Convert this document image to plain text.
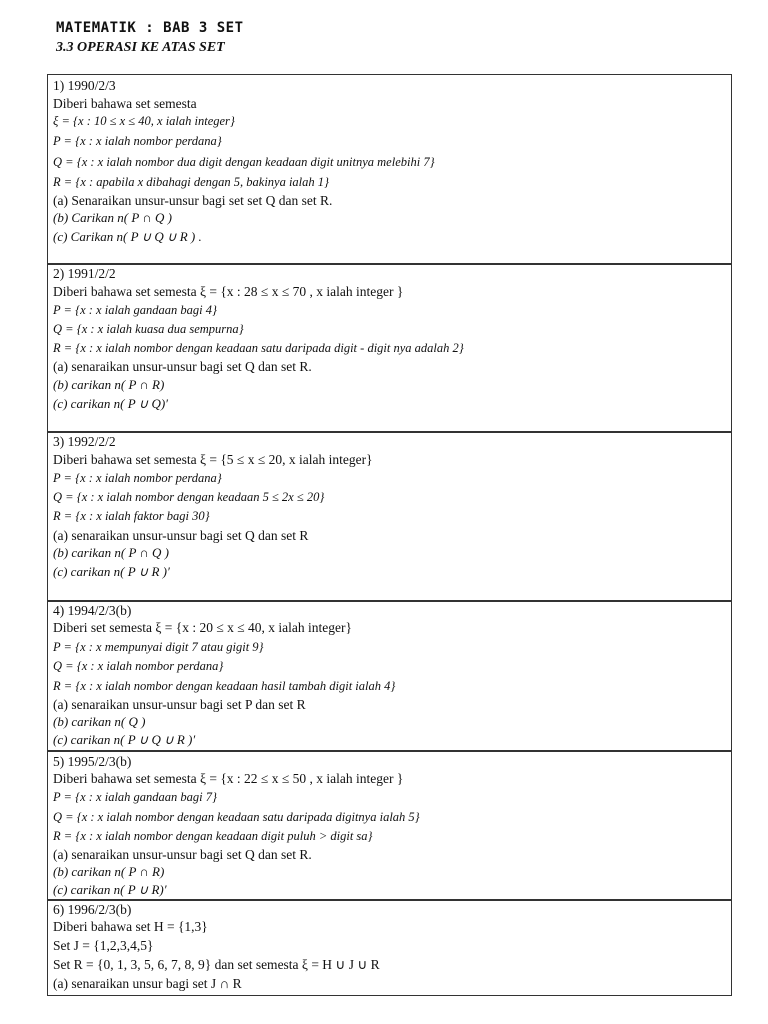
MATEMATIK : BAB 3 SET
3.3 OPERASI KE ATAS SET
1) 1990/2/3
Diberi bahawa set semesta
ξ = {x : 10 ≤ x ≤ 40, x ialah integer}
P = {x : x ialah nombor perdana}
Q = {x : x ialah nombor dua digit dengan keadaan digit unitnya melebihi 7}
R = {x : apabila x dibahagi dengan 5, bakinya ialah 1}
(a) Senaraikan unsur-unsur bagi set set Q dan set R.
(b) Carikan n( P ∩ Q )
(c) Carikan n( P ∪ Q ∪ R ) .
2) 1991/2/2
Diberi bahawa set semesta ξ = {x : 28 ≤ x ≤ 70 , x ialah integer }
P = {x : x ialah gandaan bagi 4}
Q = {x : x ialah kuasa dua sempurna}
R = {x : x ialah nombor dengan keadaan satu daripada digit - digit nya adalah 2}
(a) senaraikan unsur-unsur bagi set Q dan set R.
(b) carikan n( P ∩ R)
(c) carikan n( P ∪ Q)′
3) 1992/2/2
Diberi bahawa set semesta ξ = {5 ≤ x ≤ 20, x ialah integer}
P = {x : x ialah nombor perdana}
Q = {x : x ialah nombor dengan keadaan 5 ≤ 2x ≤ 20}
R = {x : x ialah faktor bagi 30}
(a) senaraikan unsur-unsur bagi set Q dan set R
(b) carikan n( P ∩ Q )
(c) carikan n( P ∪ R )′
4) 1994/2/3(b)
Diberi set semesta ξ = {x : 20 ≤ x ≤ 40, x ialah integer}
P = {x : x mempunyai digit 7 atau gigit 9}
Q = {x : x ialah nombor perdana}
R = {x : x ialah nombor dengan keadaan hasil tambah digit ialah 4}
(a) senaraikan unsur-unsur bagi set P dan set R
(b) carikan n( Q )
(c) carikan n( P ∪ Q ∪ R )′
5) 1995/2/3(b)
Diberi bahawa set semesta ξ = {x : 22 ≤ x ≤ 50 , x ialah integer }
P = {x : x ialah gandaan bagi 7}
Q = {x : x ialah nombor dengan keadaan satu daripada digitnya ialah 5}
R = {x : x ialah nombor dengan keadaan digit puluh > digit sa}
(a) senaraikan unsur-unsur bagi set Q dan set R.
(b) carikan n( P ∩ R)
(c) carikan n( P ∪ R)′
6) 1996/2/3(b)
Diberi bahawa set H = {1,3}
Set J = {1,2,3,4,5}
Set R = {0, 1, 3, 5, 6, 7, 8, 9} dan set semesta ξ = H ∪ J ∪ R
(a) senaraikan unsur bagi set J ∩ R
